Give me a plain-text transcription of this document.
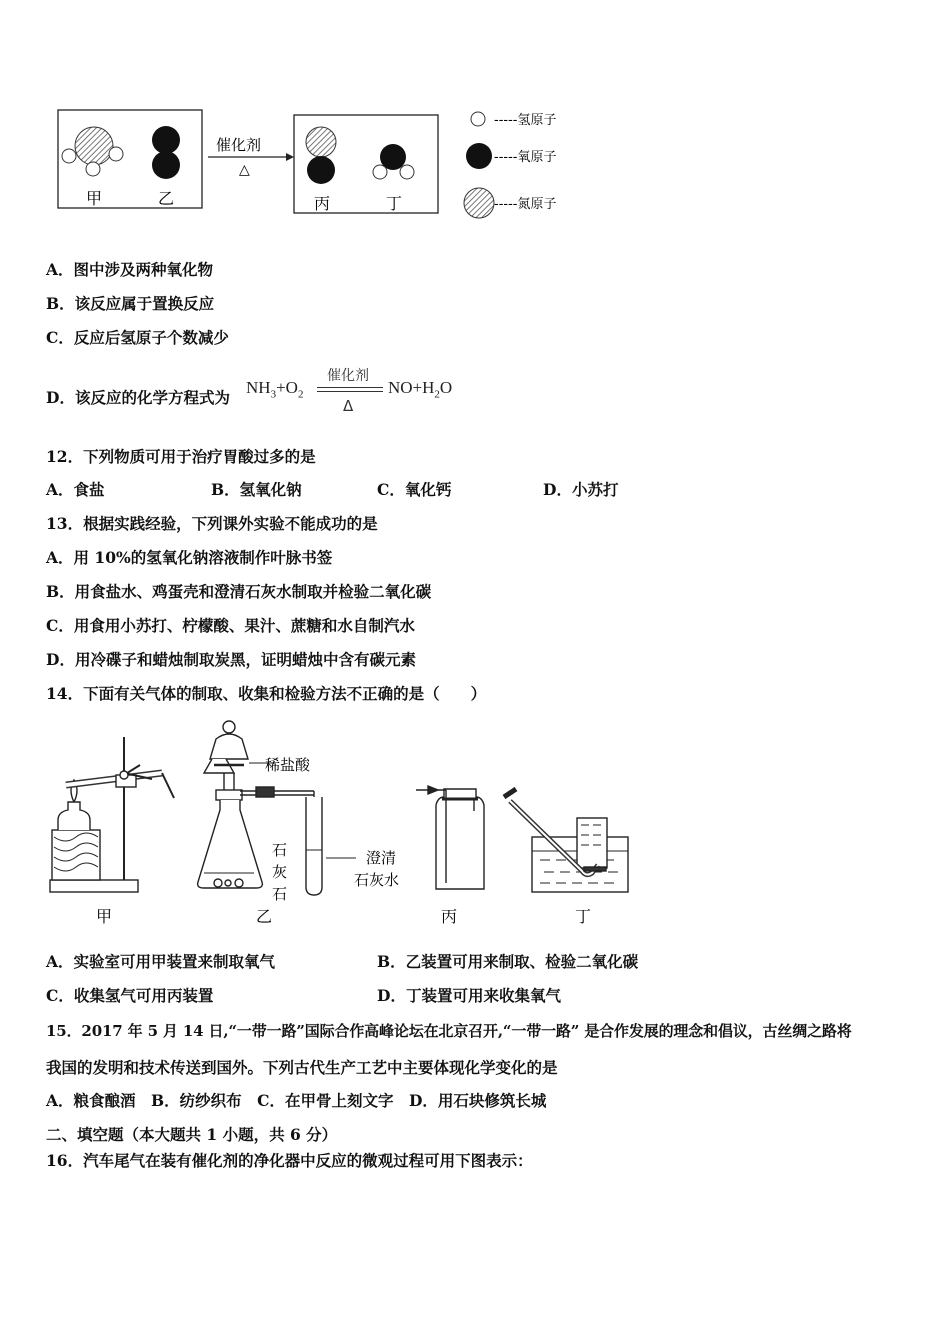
甲	乙
催化剂
△
丙	丁
-----氢原子
-----氧原子
-----氮原子
A．图中涉及两种氧化物
B．该反应属于置换反应
C．反应后氢原子个数减少
D．该反应的化学方程式为
$NH_3+O_2$
催化剂
Δ
$NO+H_2O$
12．下列物质可用于治疗胃酸过多的是
A．食盐	B．氢氧化钠	C．氧化钙	D．小苏打
13．根据实践经验，下列课外实验不能成功的是
A．用 10%的氢氧化钠溶液制作叶脉书签
B．用食盐水、鸡蛋壳和澄清石灰水制取并检验二氧化碳
C．用食用小苏打、柠檬酸、果汁、蔗糖和水自制汽水
D．用冷碟子和蜡烛制取炭黑，证明蜡烛中含有碳元素
14．下面有关气体的制取、收集和检验方法不正确的是（　　）
稀盐酸
石
灰
石
澄清
石灰水
甲	乙	丙	丁
A．实验室可用甲装置来制取氧气	B．乙装置可用来制取、检验二氧化碳
C．收集氢气可用丙装置	D．丁装置可用来收集氧气
15．2017 年 5 月 14 日,“一带一路”国际合作高峰论坛在北京召开,“一带一路” 是合作发展的理念和倡议，古丝绸之路将
我国的发明和技术传送到国外。下列古代生产工艺中主要体现化学变化的是
A．粮食酿酒　B．纺纱织布　C．在甲骨上刻文字　D．用石块修筑长城
二、填空题（本大题共 1 小题，共 6 分）
16．汽车尾气在装有催化剂的净化器中反应的微观过程可用下图表示：
